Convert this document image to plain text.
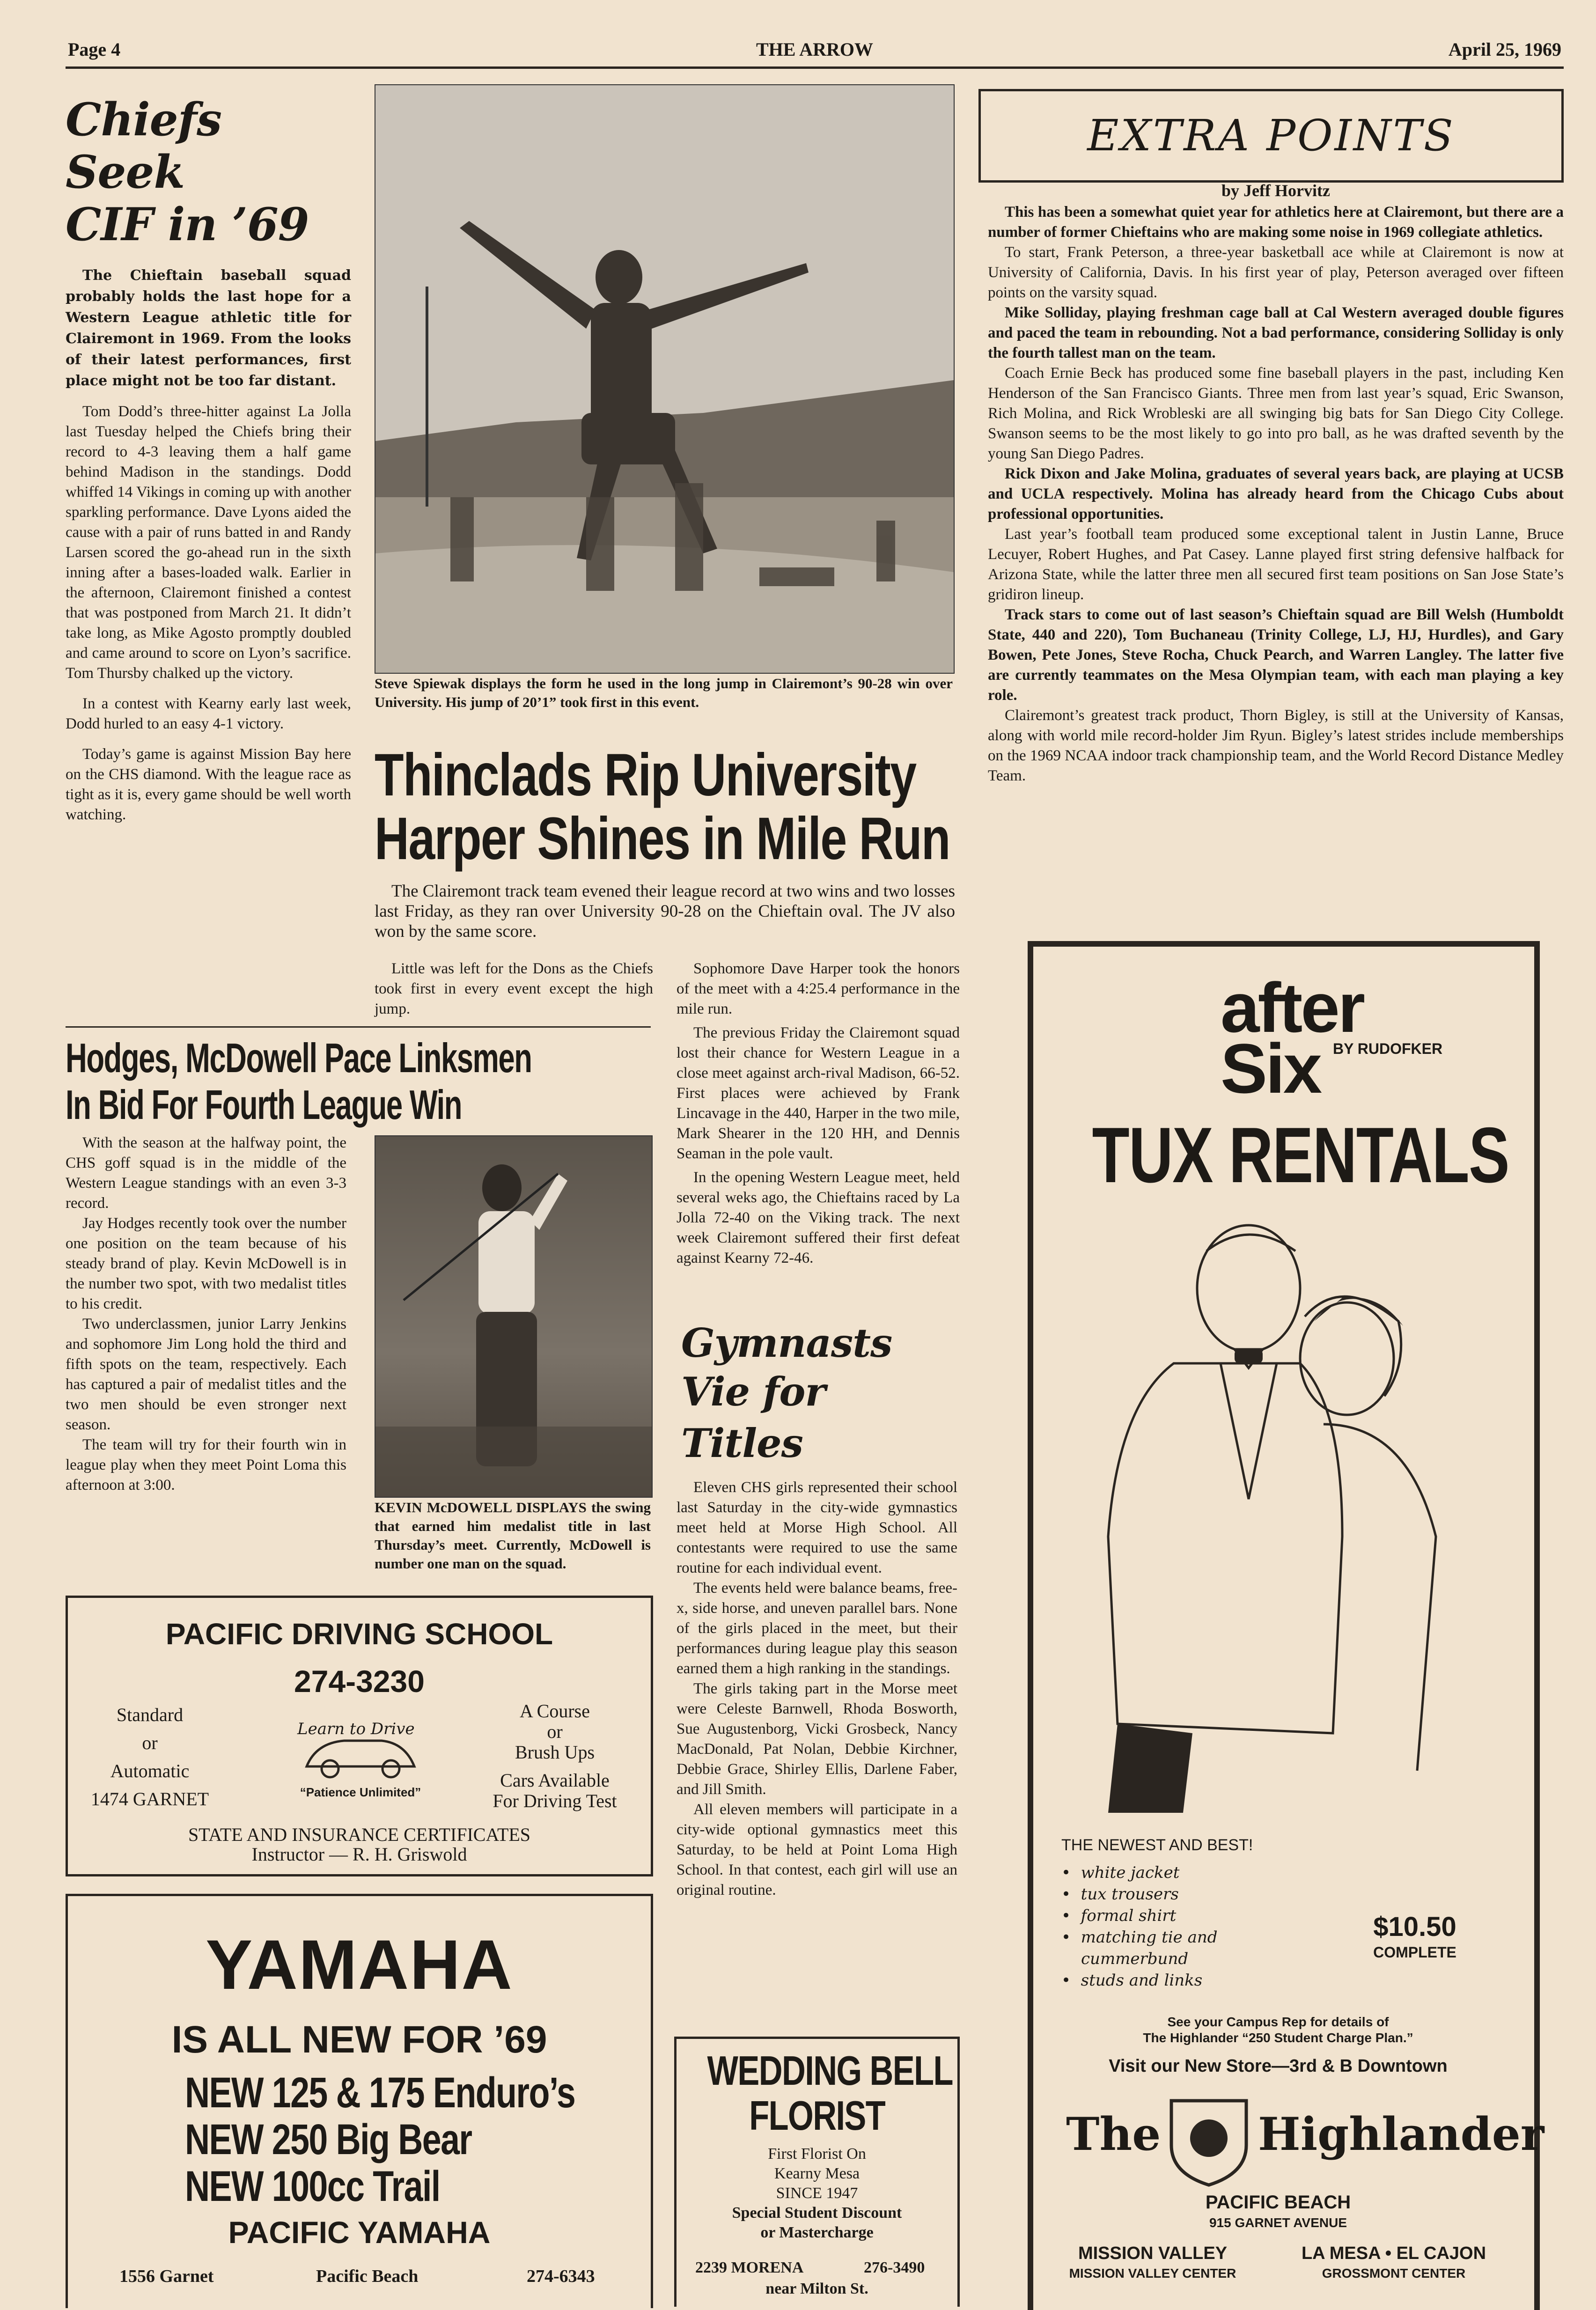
Page 4	THE ARROW	April 25, 1969

Chiefs Seek

CIF in ’69

The Chieftain baseball squad probably holds the last hope for a Western League athletic title for Clairemont in 1969. From the looks of their latest performances, first place might not be too far distant.

Tom Dodd’s three-hitter against La Jolla last Tuesday helped the Chiefs bring their record to 4-3 leaving them a half game behind Madison in the standings. Dodd whiffed 14 Vikings in coming up with another sparkling performance. Dave Lyons aided the cause with a pair of runs batted in and Randy Larsen scored the go-ahead run in the sixth inning after a bases-loaded walk. Earlier in the afternoon, Clairemont finished a contest that was postponed from March 21. It didn’t take long, as Mike Agosto promptly doubled and came around to score on Lyon’s sacrifice. Tom Thursby chalked up the victory.

In a contest with Kearny early last week, Dodd hurled to an easy 4-1 victory.

Today’s game is against Mission Bay here on the CHS diamond. With the league race as tight as it is, every game should be well worth watching.

Steve Spiewak displays the form he used in the long jump in Clairemont’s 90-28 win over University. His jump of 20’1” took first in this event.

Thinclads Rip University

Harper Shines in Mile Run

The Clairemont track team evened their league record at two wins and two losses last Friday, as they ran over University 90-28 on the Chieftain oval. The JV also won by the same score.

Little was left for the Dons as the Chiefs took first in every event except the high jump.

Sophomore Dave Harper took the honors of the meet with a 4:25.4 performance in the mile run.

The previous Friday the Clairemont squad lost their chance for Western League in a close meet against arch-rival Madison, 66-52. First places were achieved by Frank Lincavage in the 440, Harper in the two mile, Mark Shearer in the 120 HH, and Dennis Seaman in the pole vault.

In the opening Western League meet, held several weks ago, the Chieftains raced by La Jolla 72-40 on the Viking track. The next week Clairemont suffered their first defeat against Kearny 72-46.

Hodges, McDowell Pace Linksmen

In Bid For Fourth League Win

With the season at the halfway point, the CHS goff squad is in the middle of the Western League standings with an even 3-3 record.

Jay Hodges recently took over the number one position on the team because of his steady brand of play. Kevin McDowell is in the number two spot, with two medalist titles to his credit.

Two underclassmen, junior Larry Jenkins and sophomore Jim Long hold the third and fifth spots on the team, respectively. Each has captured a pair of medalist titles and the two men should be even stronger next season.

The team will try for their fourth win in league play when they meet Point Loma this afternoon at 3:00.

KEVIN McDOWELL DISPLAYS the swing that earned him medalist title in last Thursday’s meet. Currently, McDowell is number one man on the squad.

Gymnasts

Vie for Titles

Eleven CHS girls represented their school last Saturday in the city-wide gymnastics meet held at Morse High School. All contestants were required to use the same routine for each individual event.

The events held were balance beams, free-x, side horse, and uneven parallel bars. None of the girls placed in the meet, but their performances during league play this season earned them a high ranking in the standings.

The girls taking part in the Morse meet were Celeste Barnwell, Rhoda Bosworth, Sue Augustenborg, Vicki Grosbeck, Nancy MacDonald, Pat Nolan, Debbie Kirchner, Debbie Grace, Shirley Ellis, Darlene Faber, and Jill Smith.

All eleven members will participate in a city-wide optional gymnastics meet this Saturday, to be held at Point Loma High School. In that contest, each girl will use an original routine.

EXTRA POINTS

by Jeff Horvitz

This has been a somewhat quiet year for athletics here at Clairemont, but there are a number of former Chieftains who are making some noise in 1969 collegiate athletics.

To start, Frank Peterson, a three-year basketball ace while at Clairemont is now at University of California, Davis. In his first year of play, Peterson averaged over fifteen points on the varsity squad.

Mike Solliday, playing freshman cage ball at Cal Western averaged double figures and paced the team in rebounding. Not a bad performance, considering Solliday is only the fourth tallest man on the team.

Coach Ernie Beck has produced some fine baseball players in the past, including Ken Henderson of the San Francisco Giants. Three men from last year’s squad, Eric Swanson, Rich Molina, and Rick Wrobleski are all swinging big bats for San Diego City College. Swanson seems to be the most likely to go into pro ball, as he was drafted seventh by the young San Diego Padres.

Rick Dixon and Jake Molina, graduates of several years back, are playing at UCSB and UCLA respectively. Molina has already heard from the Chicago Cubs about professional opportunities.

Last year’s football team produced some exceptional talent in Justin Lanne, Bruce Lecuyer, Robert Hughes, and Pat Casey. Lanne played first string defensive halfback for Arizona State, while the latter three men all secured first team positions on San Jose State’s gridiron lineup.

Track stars to come out of last season’s Chieftain squad are Bill Welsh (Humboldt State, 440 and 220), Tom Buchaneau (Trinity College, LJ, HJ, Hurdles), and Gary Bowen, Pete Jones, Steve Rocha, Chuck Pearch, and Warren Langley. The latter five are currently teammates on the Mesa Olympian team, with each man playing a key role.

Clairemont’s greatest track product, Thorn Bigley, is still at the University of Kansas, along with world mile record-holder Jim Ryun. Bigley’s latest strides include memberships on the 1969 NCAA indoor track championship team, and the World Record Distance Medley Team.

PACIFIC DRIVING SCHOOL
274-3230
Standard
or
Automatic
1474 GARNET
Learn to Drive
“Patience Unlimited”
A Course
or
Brush Ups
Cars Available
For Driving Test
STATE AND INSURANCE CERTIFICATES
Instructor — R. H. Griswold
YAMAHA
IS ALL NEW FOR ’69

NEW 125 & 175 Enduro’s

NEW 250 Big Bear

NEW 100cc Trail

PACIFIC YAMAHA
1556 Garnet	Pacific Beach	274-6343

WEDDING BELL

FLORIST

First Florist On
Kearny Mesa
SINCE 1947
Special Student Discount
or Mastercharge
2239 MORENA	276-3490
near Milton St.
after
Six BY RUDOFKER

TUX RENTALS

THE NEWEST AND BEST!
•  white jacket
•  tux trousers
•  formal shirt
•  matching tie and cummerbund
•  studs and links
$10.50
COMPLETE
See your Campus Rep for details of
The Highlander “250 Student Charge Plan.”
Visit our New Store—3rd & B Downtown
The Highlander
PACIFIC BEACH
915 GARNET AVENUE
MISSION VALLEY
MISSION VALLEY CENTER
LA MESA • EL CAJON
GROSSMONT CENTER
